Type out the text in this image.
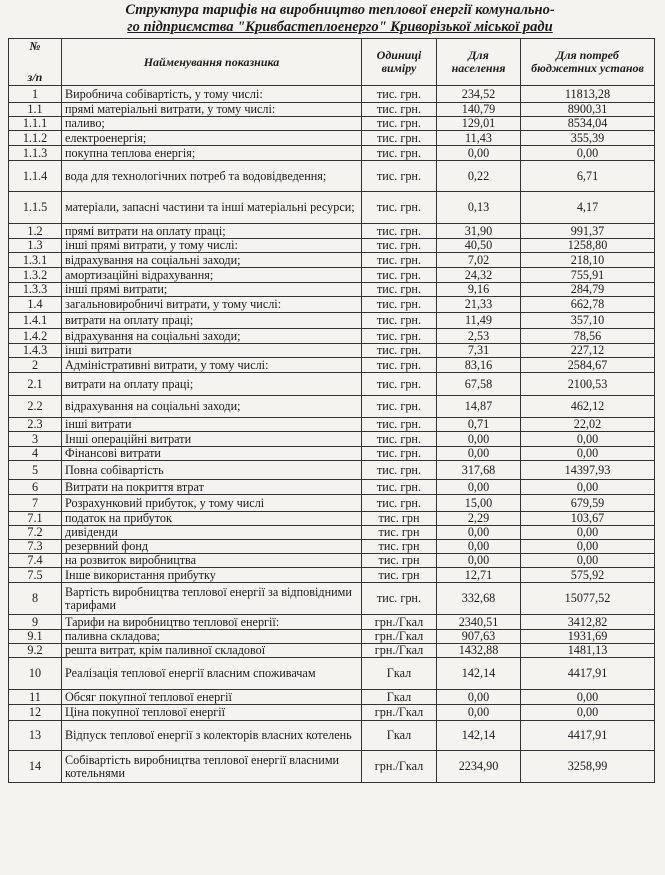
Структура тарифів на виробництво теплової енергії комунально-
го підприємства "Кривбастеплоенерго" Криворізької міської ради
№
з/п	Найменування показника	Одиниці виміру	Для населення	Для потреб бюджетних установ
1	Виробнича собівартість, у тому числі:	тис. грн.	234,52	11813,28
1.1	прямі матеріальні витрати, у тому числі:	тис. грн.	140,79	8900,31
1.1.1	паливо;	тис. грн.	129,01	8534,04
1.1.2	електроенергія;	тис. грн.	11,43	355,39
1.1.3	покупна теплова енергія;	тис. грн.	0,00	0,00
1.1.4	вода для технологічних потреб та водовідведення;	тис. грн.	0,22	6,71
1.1.5	матеріали, запасні частини та інші матеріальні ресурси;	тис. грн.	0,13	4,17
1.2	прямі витрати на оплату праці;	тис. грн.	31,90	991,37
1.3	інші прямі витрати, у тому числі:	тис. грн.	40,50	1258,80
1.3.1	відрахування на соціальні заходи;	тис. грн.	7,02	218,10
1.3.2	амортизаційні відрахування;	тис. грн.	24,32	755,91
1.3.3	інші прямі витрати;	тис. грн.	9,16	284,79
1.4	загальновиробничі витрати, у тому числі:	тис. грн.	21,33	662,78
1.4.1	витрати на оплату праці;	тис. грн.	11,49	357,10
1.4.2	відрахування на соціальні заходи;	тис. грн.	2,53	78,56
1.4.3	інші витрати	тис. грн.	7,31	227,12
2	Адміністративні витрати, у тому числі:	тис. грн.	83,16	2584,67
2.1	витрати на оплату праці;	тис. грн.	67,58	2100,53
2.2	відрахування на соціальні заходи;	тис. грн.	14,87	462,12
2.3	інші витрати	тис. грн.	0,71	22,02
3	Інші операційні витрати	тис. грн.	0,00	0,00
4	Фінансові витрати	тис. грн.	0,00	0,00
5	Повна собівартість	тис. грн.	317,68	14397,93
6	Витрати на покриття втрат	тис. грн.	0,00	0,00
7	Розрахунковий прибуток, у тому числі	тис. грн.	15,00	679,59
7.1	податок на прибуток	тис. грн	2,29	103,67
7.2	дивіденди	тис. грн	0,00	0,00
7.3	резервний фонд	тис. грн	0,00	0,00
7.4	на розвиток виробництва	тис. грн	0,00	0,00
7.5	Інше використання прибутку	тис. грн	12,71	575,92
8	Вартість виробництва теплової енергії за відповідними тарифами	тис. грн.	332,68	15077,52
9	Тарифи на виробництво теплової енергії:	грн./Гкал	2340,51	3412,82
9.1	паливна складова;	грн./Гкал	907,63	1931,69
9.2	решта витрат, крім паливної складової	грн./Гкал	1432,88	1481,13
10	Реалізація теплової енергії власним споживачам	Гкал	142,14	4417,91
11	Обсяг покупної теплової енергії	Гкал	0,00	0,00
12	Ціна покупної теплової енергії	грн./Гкал	0,00	0,00
13	Відпуск теплової енергії з колекторів власних котелень	Гкал	142,14	4417,91
14	Собівартість виробництва теплової енергії власними котельнями	грн./Гкал	2234,90	3258,99
